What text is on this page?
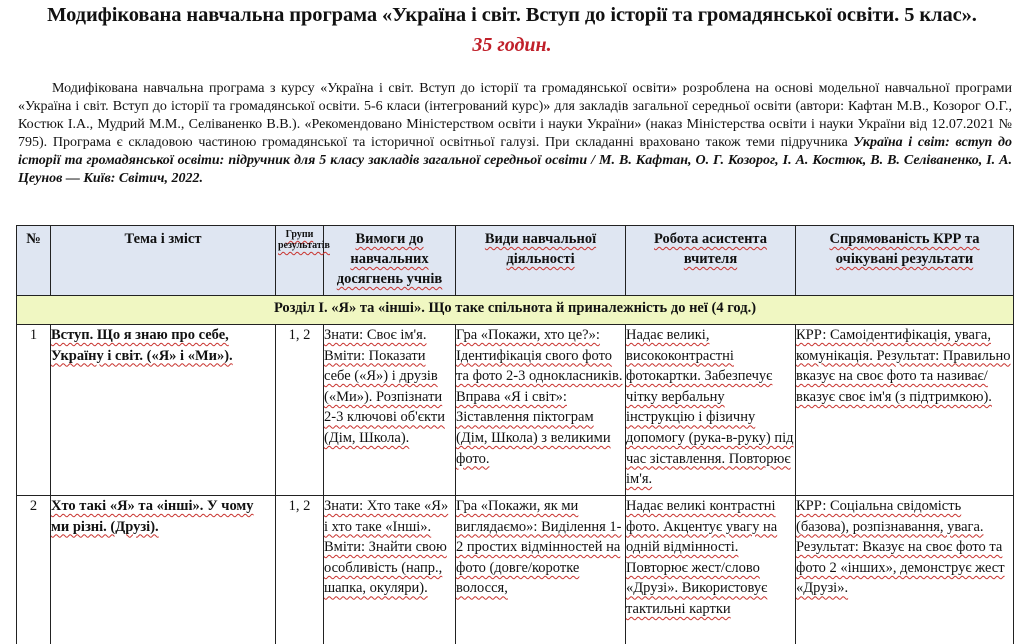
Модифікована навчальна програма «Україна і світ. Вступ до історії та громадянської освіти. 5 клас».
35 годин.

Модифікована навчальна програма з курсу «Україна і світ. Вступ до історії та громадянської освіти» розроблена на основі модельної навчальної програми «Україна і світ. Вступ до історії та громадянської освіти. 5-6 класи (інтегрований курс)» для закладів загальної середньої освіти (автори: Кафтан М.В., Козорог О.Г., Костюк І.А., Мудрий М.М., Селіваненко В.В.). «Рекомендовано Міністерством освіти і науки України» (наказ Міністерства освіти і науки України від 12.07.2021 № 795). Програма є складовою частиною громадянської та історичної освітньої галузі. При складанні враховано також теми підручника Україна і світ: вступ до історії та громадянської освіти: підручник для 5 класу закладів загальної середньої освіти / М. В. Кафтан, О. Г. Козорог, І. А. Костюк, В. В. Селіваненко, І. А. Цеунов — Київ: Світич, 2022.

№	Тема і зміст	Групи результатів	Вимоги до навчальних досягнень учнів	Види навчальної діяльності	Робота асистента вчителя	Спрямованість КРР та очікувані результати
Розділ І. «Я» та «інші». Що таке спільнота й приналежність до неї (4 год.)						
1	Вступ. Що я знаю про себе, Україну і світ. («Я» і «Ми»).	1, 2	Знати: Своє ім'я. Вміти: Показати себе («Я») і друзів («Ми»). Розпізнати 2-3 ключові об'єкти (Дім, Школа).	Гра «Покажи, хто це?»: Ідентифікація свого фото та фото 2-3 однокласників. Вправа «Я і світ»: Зіставлення піктограм (Дім, Школа) з великими фото.	Надає великі, висококонтрастні фотокартки. Забезпечує чітку вербальну інструкцію і фізичну допомогу (рука-в-руку) під час зіставлення. Повторює ім'я.	КРР: Самоідентифікація, увага, комунікація. Результат: Правильно вказує на своє фото та називає/вказує своє ім'я (з підтримкою).
2	Хто такі «Я» та «інші». У чому ми різні. (Друзі).	1, 2	Знати: Хто таке «Я» і хто таке «Інші». Вміти: Знайти свою особливість (напр., шапка, окуляри).	Гра «Покажи, як ми виглядаємо»: Виділення 1-2 простих відмінностей на фото (довге/коротке волосся,	Надає великі контрастні фото. Акцентує увагу на одній відмінності. Повторює жест/слово «Друзі». Використовує тактильні картки	КРР: Соціальна свідомість (базова), розпізнавання, увага. Результат: Вказує на своє фото та фото 2 «інших», демонструє жест «Друзі».
